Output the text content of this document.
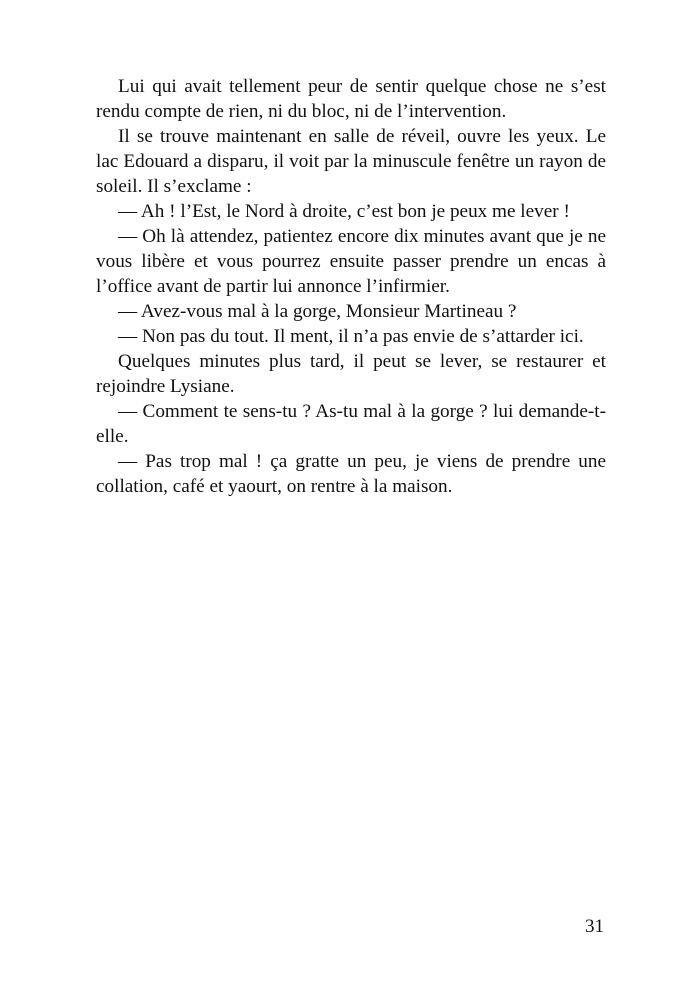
Lui qui avait tellement peur de sentir quelque chose ne s’est rendu compte de rien, ni du bloc, ni de l’intervention.

Il se trouve maintenant en salle de réveil, ouvre les yeux. Le lac Edouard a disparu, il voit par la minuscule fenêtre un rayon de soleil. Il s’exclame :

— Ah ! l’Est, le Nord à droite, c’est bon je peux me lever !

— Oh là attendez, patientez encore dix minutes avant que je ne vous libère et vous pourrez ensuite passer prendre un encas à l’office avant de partir lui annonce l’infirmier.

— Avez-vous mal à la gorge, Monsieur Martineau ?

— Non pas du tout. Il ment, il n’a pas envie de s’attarder ici.

Quelques minutes plus tard, il peut se lever, se restaurer et rejoindre Lysiane.

— Comment te sens-tu ? As-tu mal à la gorge ? lui demande-t-elle.

— Pas trop mal ! ça gratte un peu, je viens de prendre une collation, café et yaourt, on rentre à la maison.

31
